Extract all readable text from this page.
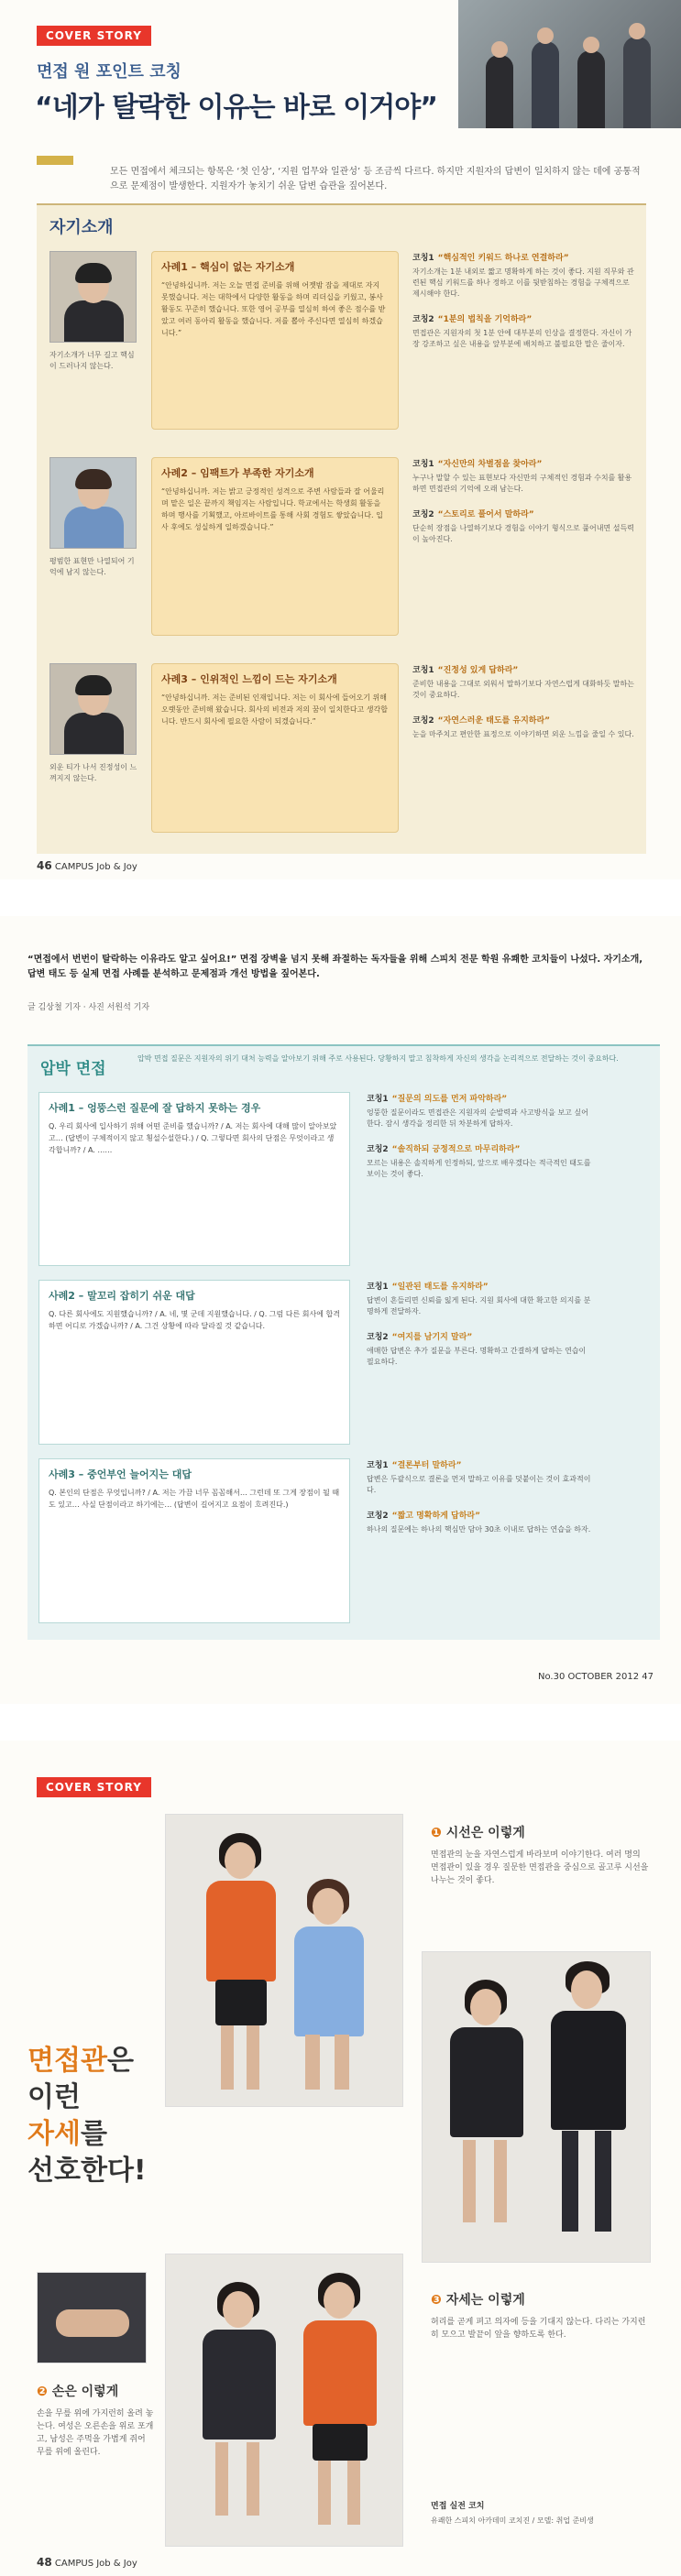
COVER STORY
면접 원 포인트 코칭
“네가 탈락한 이유는 바로 이거야”
모든 면접에서 체크되는 항목은 ‘첫 인상’, ‘지원 업무와 일관성’ 등 조금씩 다르다. 하지만 지원자의 답변이 일치하지 않는 데에 공통적으로 문제점이 발생한다. 지원자가 놓치기 쉬운 답변 습관을 짚어본다.
자기소개
자기소개가 너무 길고 핵심이 드러나지 않는다.
사례1 – 핵심이 없는 자기소개
“안녕하십니까. 저는 오늘 면접 준비를 위해 어젯밤 잠을 제대로 자지 못했습니다. 저는 대학에서 다양한 활동을 하며 리더십을 키웠고, 봉사활동도 꾸준히 했습니다. 또한 영어 공부를 열심히 하여 좋은 점수를 받았고 여러 동아리 활동을 했습니다. 저를 뽑아 주신다면 열심히 하겠습니다.”
코칭1 “핵심적인 키워드 하나로 연결하라”
자기소개는 1분 내외로 짧고 명확하게 하는 것이 좋다. 지원 직무와 관련된 핵심 키워드를 하나 정하고 이를 뒷받침하는 경험을 구체적으로 제시해야 한다.
코칭2 “1분의 법칙을 기억하라”
면접관은 지원자의 첫 1분 안에 대부분의 인상을 결정한다. 자신이 가장 강조하고 싶은 내용을 앞부분에 배치하고 불필요한 말은 줄이자.
평범한 표현만 나열되어 기억에 남지 않는다.
사례2 – 임팩트가 부족한 자기소개
“안녕하십니까. 저는 밝고 긍정적인 성격으로 주변 사람들과 잘 어울리며 맡은 일은 끝까지 책임지는 사람입니다. 학교에서는 학생회 활동을 하며 행사를 기획했고, 아르바이트를 통해 사회 경험도 쌓았습니다. 입사 후에도 성실하게 일하겠습니다.”
코칭1 “자신만의 차별점을 찾아라”
누구나 말할 수 있는 표현보다 자신만의 구체적인 경험과 수치를 활용하면 면접관의 기억에 오래 남는다.
코칭2 “스토리로 풀어서 말하라”
단순히 장점을 나열하기보다 경험을 이야기 형식으로 풀어내면 설득력이 높아진다.
외운 티가 나서 진정성이 느껴지지 않는다.
사례3 – 인위적인 느낌이 드는 자기소개
“안녕하십니까. 저는 준비된 인재입니다. 저는 이 회사에 들어오기 위해 오랫동안 준비해 왔습니다. 회사의 비전과 저의 꿈이 일치한다고 생각합니다. 반드시 회사에 필요한 사람이 되겠습니다.”
코칭1 “진정성 있게 답하라”
준비한 내용을 그대로 외워서 말하기보다 자연스럽게 대화하듯 말하는 것이 중요하다.
코칭2 “자연스러운 태도를 유지하라”
눈을 마주치고 편안한 표정으로 이야기하면 외운 느낌을 줄일 수 있다.
46 CAMPUS Job & Joy
“면접에서 번번이 탈락하는 이유라도 알고 싶어요!” 면접 장벽을 넘지 못해 좌절하는 독자들을 위해 스피치 전문 학원 유쾌한 코치들이 나섰다. 자기소개, 답변 태도 등 실제 면접 사례를 분석하고 문제점과 개선 방법을 짚어본다.
글 김상철 기자 · 사진 서원석 기자
압박 면접
압박 면접 질문은 지원자의 위기 대처 능력을 알아보기 위해 주로 사용된다. 당황하지 말고 침착하게 자신의 생각을 논리적으로 전달하는 것이 중요하다.
사례1 – 엉뚱스런 질문에 잘 답하지 못하는 경우
Q. 우리 회사에 입사하기 위해 어떤 준비를 했습니까? / A. 저는 회사에 대해 많이 알아보았고… (답변이 구체적이지 않고 횡설수설한다.) / Q. 그렇다면 회사의 단점은 무엇이라고 생각합니까? / A. ……
코칭1 “질문의 의도를 먼저 파악하라”
엉뚱한 질문이라도 면접관은 지원자의 순발력과 사고방식을 보고 싶어한다. 잠시 생각을 정리한 뒤 차분하게 답하자.
코칭2 “솔직하되 긍정적으로 마무리하라”
모르는 내용은 솔직하게 인정하되, 앞으로 배우겠다는 적극적인 태도를 보이는 것이 좋다.
사례2 – 말꼬리 잡히기 쉬운 대답
Q. 다른 회사에도 지원했습니까? / A. 네, 몇 군데 지원했습니다. / Q. 그럼 다른 회사에 합격하면 어디로 가겠습니까? / A. 그건 상황에 따라 달라질 것 같습니다.
코칭1 “일관된 태도를 유지하라”
답변이 흔들리면 신뢰를 잃게 된다. 지원 회사에 대한 확고한 의지를 분명하게 전달하자.
코칭2 “여지를 남기지 말라”
애매한 답변은 추가 질문을 부른다. 명확하고 간결하게 답하는 연습이 필요하다.
사례3 – 중언부언 늘어지는 대답
Q. 본인의 단점은 무엇입니까? / A. 저는 가끔 너무 꼼꼼해서… 그런데 또 그게 장점이 될 때도 있고… 사실 단점이라고 하기에는… (답변이 길어지고 요점이 흐려진다.)
코칭1 “결론부터 말하라”
답변은 두괄식으로 결론을 먼저 말하고 이유를 덧붙이는 것이 효과적이다.
코칭2 “짧고 명확하게 답하라”
하나의 질문에는 하나의 핵심만 담아 30초 이내로 답하는 연습을 하자.
No.30 OCTOBER 2012 47
COVER STORY
면접관은
이런
자세를
선호한다!
❶ 시선은 이렇게
면접관의 눈을 자연스럽게 바라보며 이야기한다. 여러 명의 면접관이 있을 경우 질문한 면접관을 중심으로 골고루 시선을 나누는 것이 좋다.
❷ 손은 이렇게
손을 무릎 위에 가지런히 올려 놓는다. 여성은 오른손을 위로 포개고, 남성은 주먹을 가볍게 쥐어 무릎 위에 올린다.
❸ 자세는 이렇게
허리를 곧게 펴고 의자에 등을 기대지 않는다. 다리는 가지런히 모으고 발끝이 앞을 향하도록 한다.
면접 실전 코치
유쾌한 스피치 아카데미 코치진 / 모델: 취업 준비생
48 CAMPUS Job & Joy
